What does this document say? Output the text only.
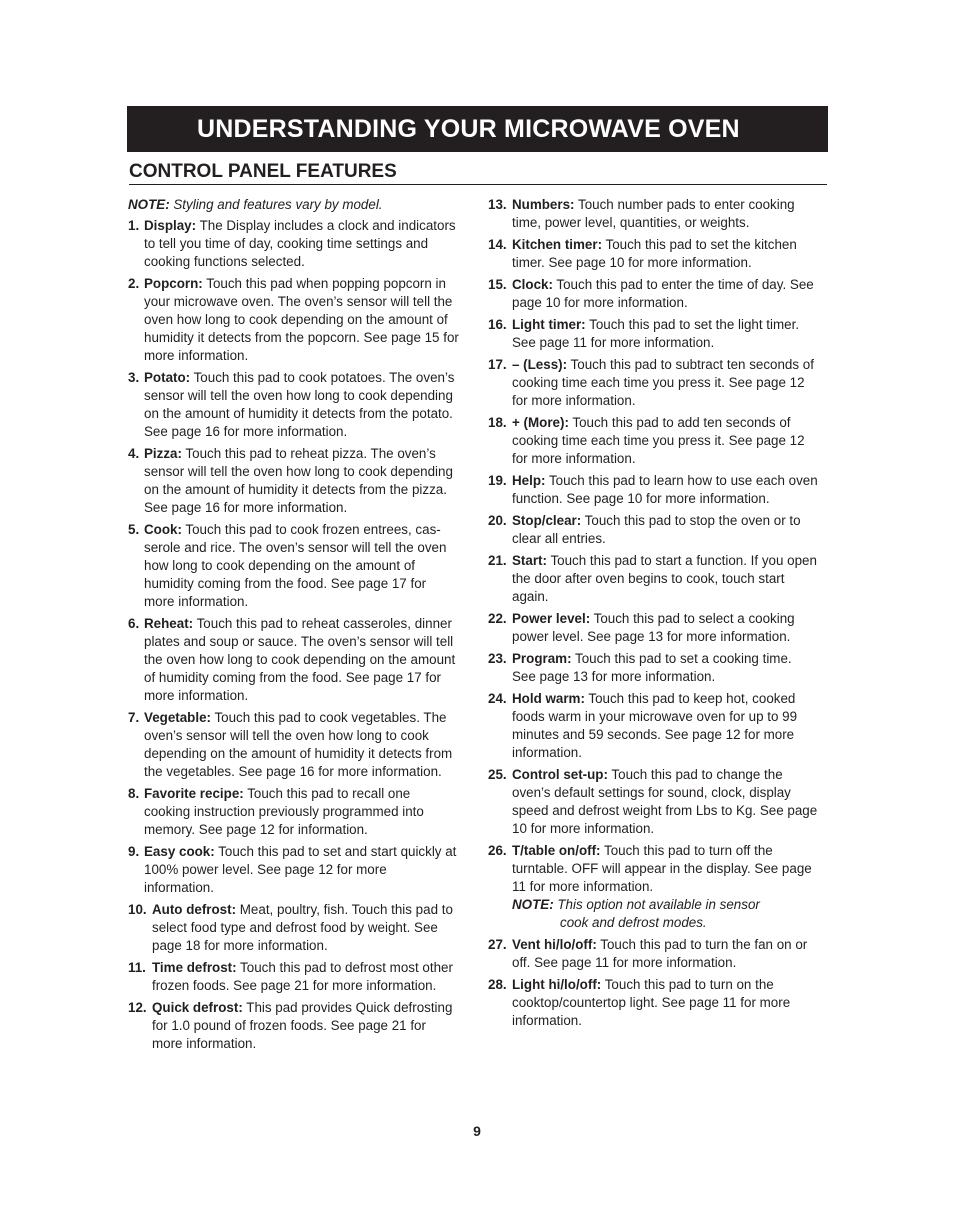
UNDERSTANDING YOUR MICROWAVE OVEN
CONTROL PANEL FEATURES
NOTE: Styling and features vary by model.
1. Display: The Display includes a clock and indicators to tell you time of day, cooking time settings and cooking functions selected.
2. Popcorn: Touch this pad when popping popcorn in your microwave oven. The oven’s sensor will tell the oven how long to cook depending on the amount of humidity it detects from the popcorn. See page 15 for more information.
3. Potato: Touch this pad to cook potatoes. The oven’s sensor will tell the oven how long to cook depending on the amount of humidity it detects from the potato. See page 16 for more information.
4. Pizza: Touch this pad to reheat pizza. The oven’s sensor will tell the oven how long to cook depending on the amount of humidity it detects from the pizza. See page 16 for more information.
5. Cook: Touch this pad to cook frozen entrees, casserole and rice. The oven’s sensor will tell the oven how long to cook depending on the amount of humidity coming from the food. See page 17 for more information.
6. Reheat: Touch this pad to reheat casseroles, dinner plates and soup or sauce. The oven’s sensor will tell the oven how long to cook depending on the amount of humidity coming from the food. See page 17 for more information.
7. Vegetable: Touch this pad to cook vegetables. The oven’s sensor will tell the oven how long to cook depending on the amount of humidity it detects from the vegetables. See page 16 for more information.
8. Favorite recipe: Touch this pad to recall one cooking instruction previously programmed into memory. See page 12 for information.
9. Easy cook: Touch this pad to set and start quickly at 100% power level. See page 12 for more information.
10. Auto defrost: Meat, poultry, fish. Touch this pad to select food type and defrost food by weight. See page 18 for more information.
11. Time defrost: Touch this pad to defrost most other frozen foods. See page 21 for more information.
12. Quick defrost: This pad provides Quick defrosting for 1.0 pound of frozen foods. See page 21 for more information.
13. Numbers: Touch number pads to enter cooking time, power level, quantities, or weights.
14. Kitchen timer: Touch this pad to set the kitchen timer. See page 10 for more information.
15. Clock: Touch this pad to enter the time of day. See page 10 for more information.
16. Light timer: Touch this pad to set the light timer. See page 11 for more information.
17. – (Less): Touch this pad to subtract ten seconds of cooking time each time you press it. See page 12 for more information.
18. + (More): Touch this pad to add ten seconds of cooking time each time you press it. See page 12 for more information.
19. Help: Touch this pad to learn how to use each oven function. See page 10 for more information.
20. Stop/clear: Touch this pad to stop the oven or to clear all entries.
21. Start: Touch this pad to start a function. If you open the door after oven begins to cook, touch start again.
22. Power level: Touch this pad to select a cooking power level. See page 13 for more information.
23. Program: Touch this pad to set a cooking time. See page 13 for more information.
24. Hold warm: Touch this pad to keep hot, cooked foods warm in your microwave oven for up to 99 minutes and 59 seconds. See page 12 for more information.
25. Control set-up: Touch this pad to change the oven’s default settings for sound, clock, display speed and defrost weight from Lbs to Kg. See page 10 for more information.
26. T/table on/off: Touch this pad to turn off the turntable. OFF will appear in the display. See page 11 for more information.
NOTE: This option not available in sensor
cook and defrost modes.
27. Vent hi/lo/off: Touch this pad to turn the fan on or off. See page 11 for more information.
28. Light hi/lo/off: Touch this pad to turn on the cooktop/countertop light. See page 11 for more information.
9
